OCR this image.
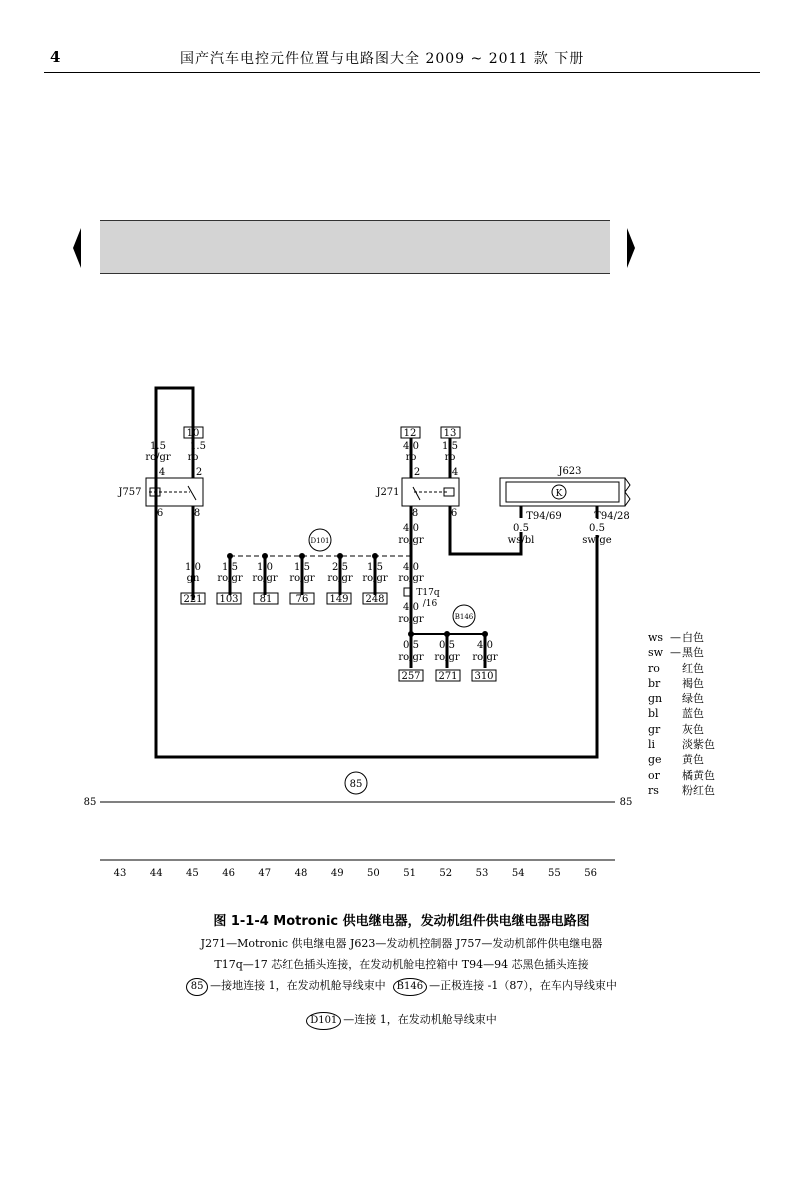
4	国产汽车电控元件位置与电路图大全 2009 ~ 2011 款 下册
10	12	13
J757	J271
J623
K
1.5
ro/gr
1.5
ro
4.0
ro
1.5
ro
4	2
6	8
2	4
8	6	T94/69	T94/28
4.0
ro/gr
0.5
ws/bl
0.5
sw/ge
D101
B146
85
1.0
gn
1.5
ro/gr
1.0
ro/gr
1.5
ro/gr
2.5
ro/gr
1.5
ro/gr
4.0
ro/gr
221 103 81 76 149 248
T17q
/16
4.0
ro/gr
0.5
ro/gr
0.5
ro/gr
4.0
ro/gr
257 271 310
85	85
43 44 45 46 47 48 49 50 51 52 53 54 55 56
ws —白色
sw —黑色
ro 红色
br 褐色
gn 绿色
bl 蓝色
gr 灰色
li 淡紫色
ge 黄色
or 橘黄色
rs 粉红色
图 1-1-4 Motronic 供电继电器，发动机组件供电继电器电路图
J271—Motronic 供电继电器 J623—发动机控制器 J757—发动机部件供电继电器
T17q—17 芯红色插头连接，在发动机舱电控箱中 T94—94 芯黑色插头连接
85 —接地连接 1，在发动机舱导线束中 B146 —正极连接 -1（87），在车内导线束中
D101 —连接 1，在发动机舱导线束中
